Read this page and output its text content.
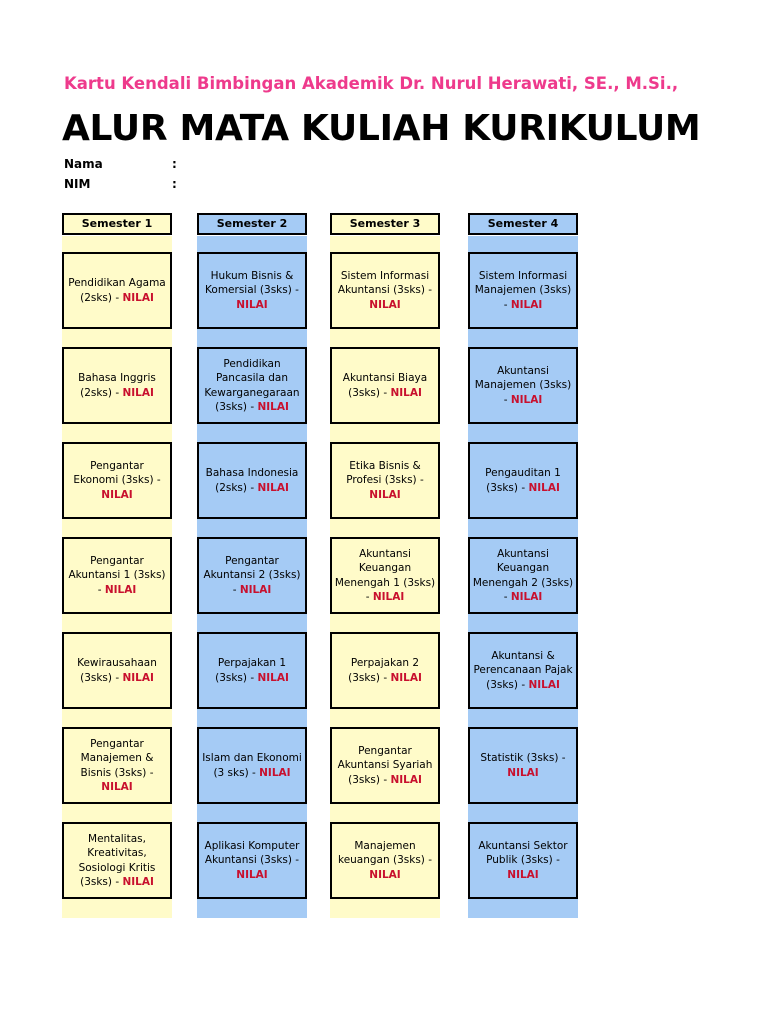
Kartu Kendali Bimbingan Akademik Dr. Nurul Herawati, SE., M.Si.,
ALUR MATA KULIAH KURIKULUM
Nama	:
NIM	:
Semester 1
Pendidikan Agama
(2sks) - NILAI
Bahasa Inggris
(2sks) - NILAI
Pengantar
Ekonomi (3sks) -
NILAI
Pengantar
Akuntansi 1 (3sks)
- NILAI
Kewirausahaan
(3sks) - NILAI
Pengantar
Manajemen &
Bisnis (3sks) -
NILAI
Mentalitas,
Kreativitas,
Sosiologi Kritis
(3sks) - NILAI
Semester 2
Hukum Bisnis &
Komersial (3sks) -
NILAI
Pendidikan
Pancasila dan
Kewarganegaraan
(3sks) - NILAI
Bahasa Indonesia
(2sks) - NILAI
Pengantar
Akuntansi 2 (3sks)
- NILAI
Perpajakan 1
(3sks) - NILAI
Islam dan Ekonomi
(3 sks) - NILAI
Aplikasi Komputer
Akuntansi (3sks) -
NILAI
Semester 3
Sistem Informasi
Akuntansi (3sks) -
NILAI
Akuntansi Biaya
(3sks) - NILAI
Etika Bisnis &
Profesi (3sks) -
NILAI
Akuntansi
Keuangan
Menengah 1 (3sks)
- NILAI
Perpajakan 2
(3sks) - NILAI
Pengantar
Akuntansi Syariah
(3sks) - NILAI
Manajemen
keuangan (3sks) -
NILAI
Semester 4
Sistem Informasi
Manajemen (3sks)
- NILAI
Akuntansi
Manajemen (3sks)
- NILAI
Pengauditan 1
(3sks) - NILAI
Akuntansi
Keuangan
Menengah 2 (3sks)
- NILAI
Akuntansi &
Perencanaan Pajak
(3sks) - NILAI
Statistik (3sks) -
NILAI
Akuntansi Sektor
Publik (3sks) -
NILAI
